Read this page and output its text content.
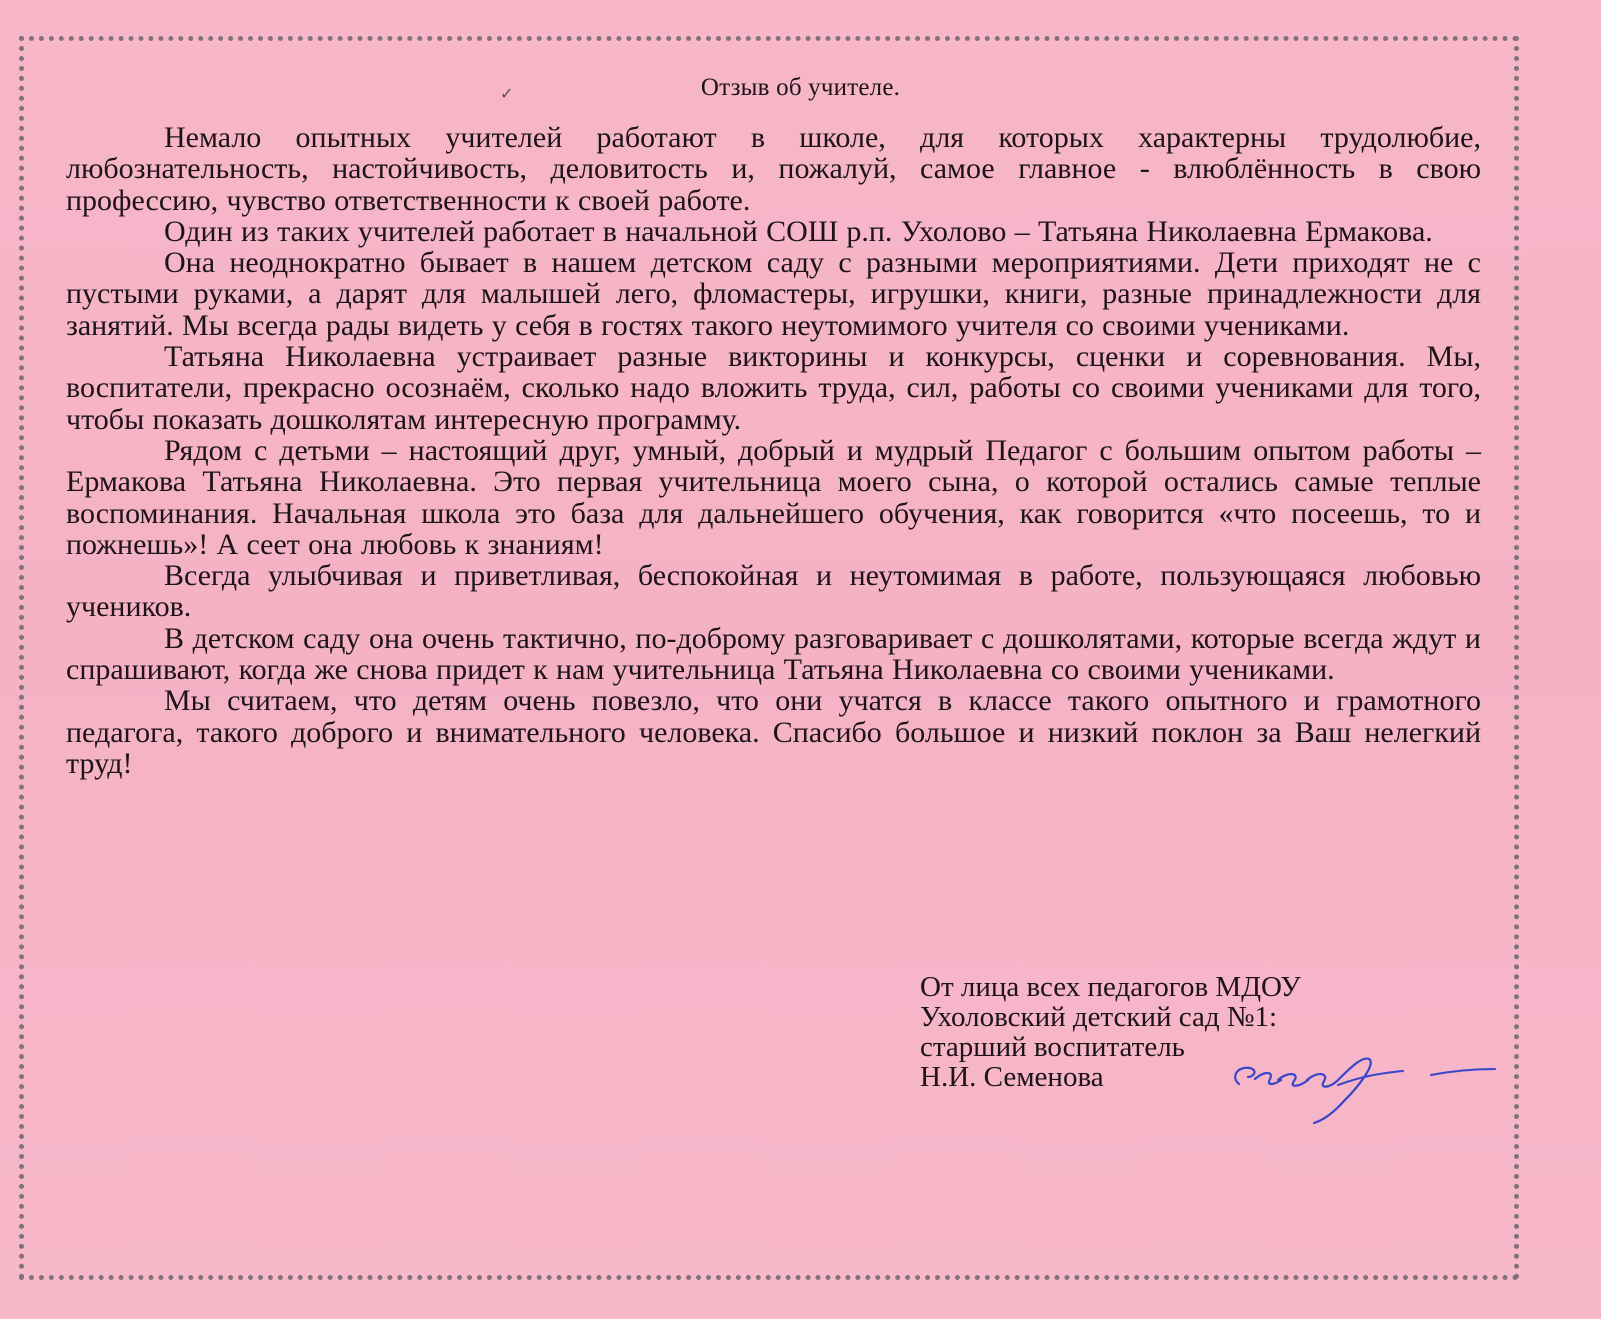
✓	Отзыв об учителе.

Немало опытных учителей работают в школе, для которых характерны трудолюбие, любознательность, настойчивость, деловитость и, пожалуй, самое главное - влюблённость в свою профессию, чувство ответственности к своей работе.

Один из таких учителей работает в начальной СОШ р.п. Ухолово – Татьяна Николаевна Ермакова.

Она неоднократно бывает в нашем детском саду с разными мероприятиями. Дети приходят не с пустыми руками, а дарят для малышей лего, фломастеры, игрушки, книги, разные принадлежности для занятий. Мы всегда рады видеть у себя в гостях такого неутомимого учителя со своими учениками.

Татьяна Николаевна устраивает разные викторины и конкурсы, сценки и соревнования. Мы, воспитатели, прекрасно осознаём, сколько надо вложить труда, сил, работы со своими учениками для того, чтобы показать дошколятам интересную программу.

Рядом с детьми – настоящий друг, умный, добрый и мудрый Педагог с большим опытом работы – Ермакова Татьяна Николаевна. Это первая учительница моего сына, о которой остались самые теплые воспоминания. Начальная школа это база для дальнейшего обучения, как говорится «что посеешь, то и пожнешь»! А сеет она любовь к знаниям!

Всегда улыбчивая и приветливая, беспокойная и неутомимая в работе, пользующаяся любовью учеников.

В детском саду она очень тактично, по-доброму разговаривает с дошколятами, которые всегда ждут и спрашивают, когда же снова придет к нам учительница Татьяна Николаевна со своими учениками.

Мы считаем, что детям очень повезло, что они учатся в классе такого опытного и грамотного педагога, такого доброго и внимательного человека. Спасибо большое и низкий поклон за Ваш нелегкий труд!

От лица всех педагогов МДОУ
Ухоловский детский сад №1:
старший воспитатель
Н.И. Семенова
